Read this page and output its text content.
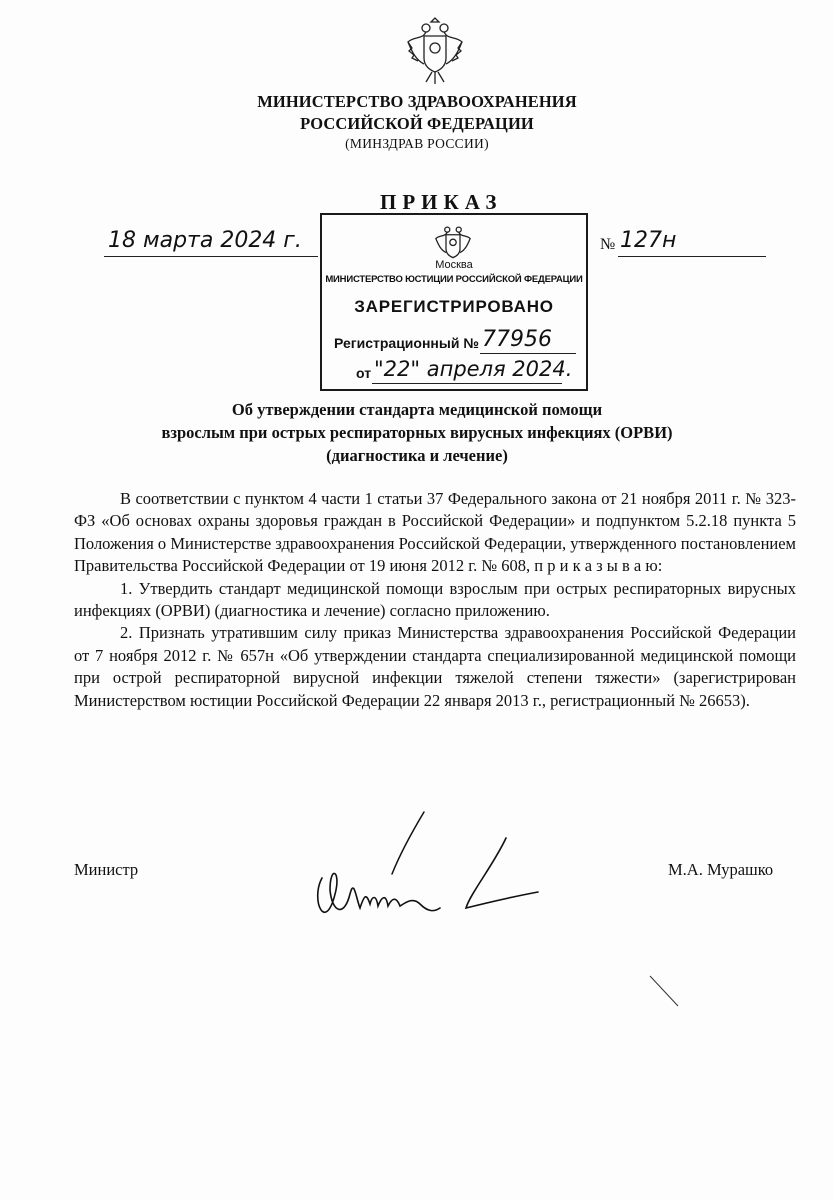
МИНИСТЕРСТВО ЗДРАВООХРАНЕНИЯ
РОССИЙСКОЙ ФЕДЕРАЦИИ
(МИНЗДРАВ РОССИИ)
ПРИКАЗ
18 марта 2024 г.	№ 127н
Москва
МИНИСТЕРСТВО ЮСТИЦИИ РОССИЙСКОЙ ФЕДЕРАЦИИ
ЗАРЕГИСТРИРОВАНО
Регистрационный № 77956
от "22" апреля 2024.
Об утверждении стандарта медицинской помощи
взрослым при острых респираторных вирусных инфекциях (ОРВИ)
(диагностика и лечение)

В соответствии с пунктом 4 части 1 статьи 37 Федерального закона от 21 ноября 2011 г. № 323-ФЗ «Об основах охраны здоровья граждан в Российской Федерации» и подпунктом 5.2.18 пункта 5 Положения о Министерстве здравоохранения Российской Федерации, утвержденного постановлением Правительства Российской Федерации от 19 июня 2012 г. № 608, п р и к а з ы в а ю:

1. Утвердить стандарт медицинской помощи взрослым при острых респираторных вирусных инфекциях (ОРВИ) (диагностика и лечение) согласно приложению.

2. Признать утратившим силу приказ Министерства здравоохранения Российской Федерации от 7 ноября 2012 г. № 657н «Об утверждении стандарта специализированной медицинской помощи при острой респираторной вирусной инфекции тяжелой степени тяжести» (зарегистрирован Министерством юстиции Российской Федерации 22 января 2013 г., регистрационный № 26653).

Министр	М.А. Мурашко
